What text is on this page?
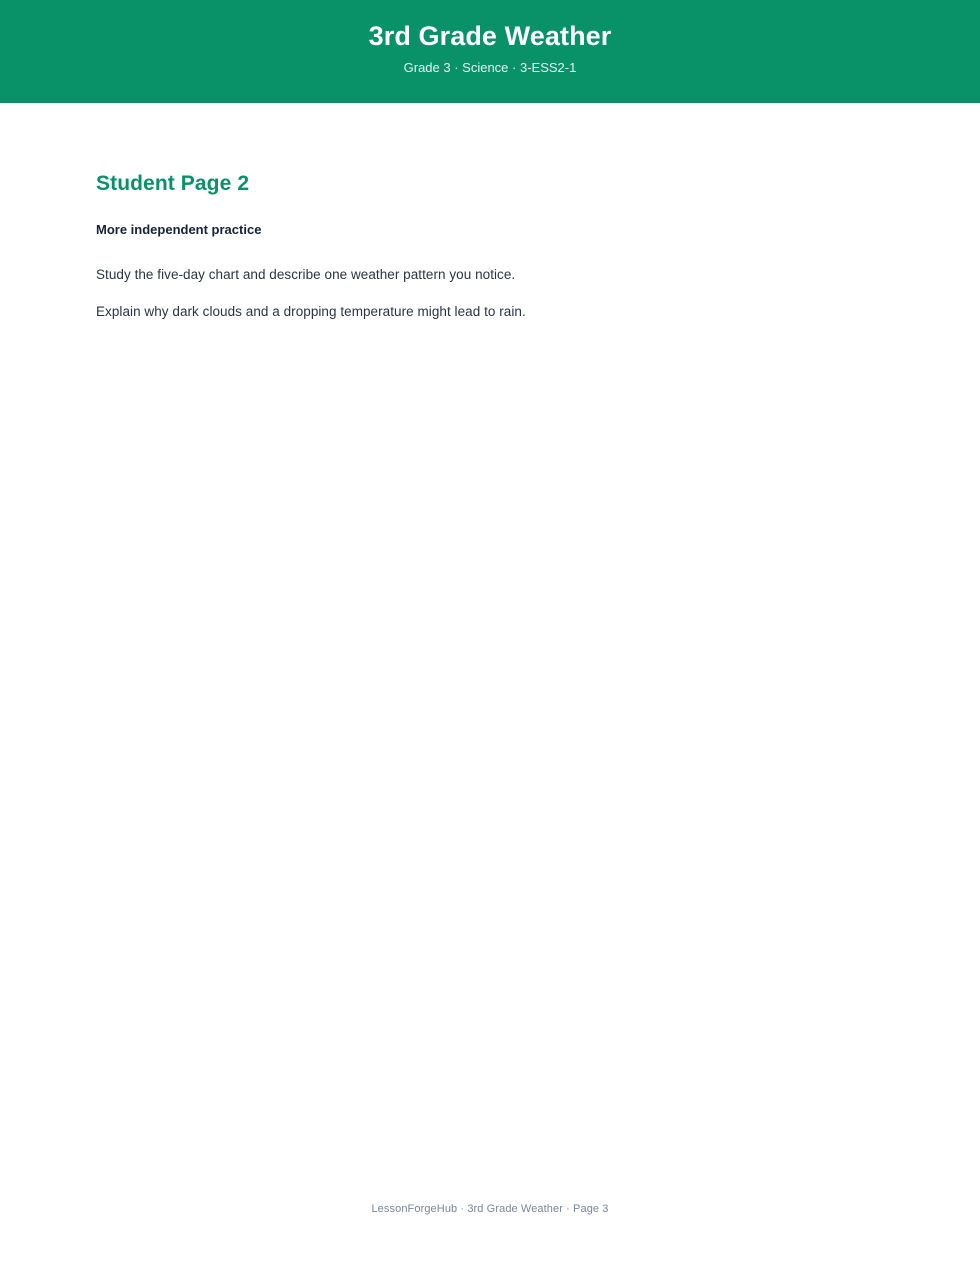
3rd Grade Weather
Grade 3 · Science · 3-ESS2-1
Student Page 2
More independent practice

Study the five-day chart and describe one weather pattern you notice.

Explain why dark clouds and a dropping temperature might lead to rain.

LessonForgeHub · 3rd Grade Weather · Page 3
